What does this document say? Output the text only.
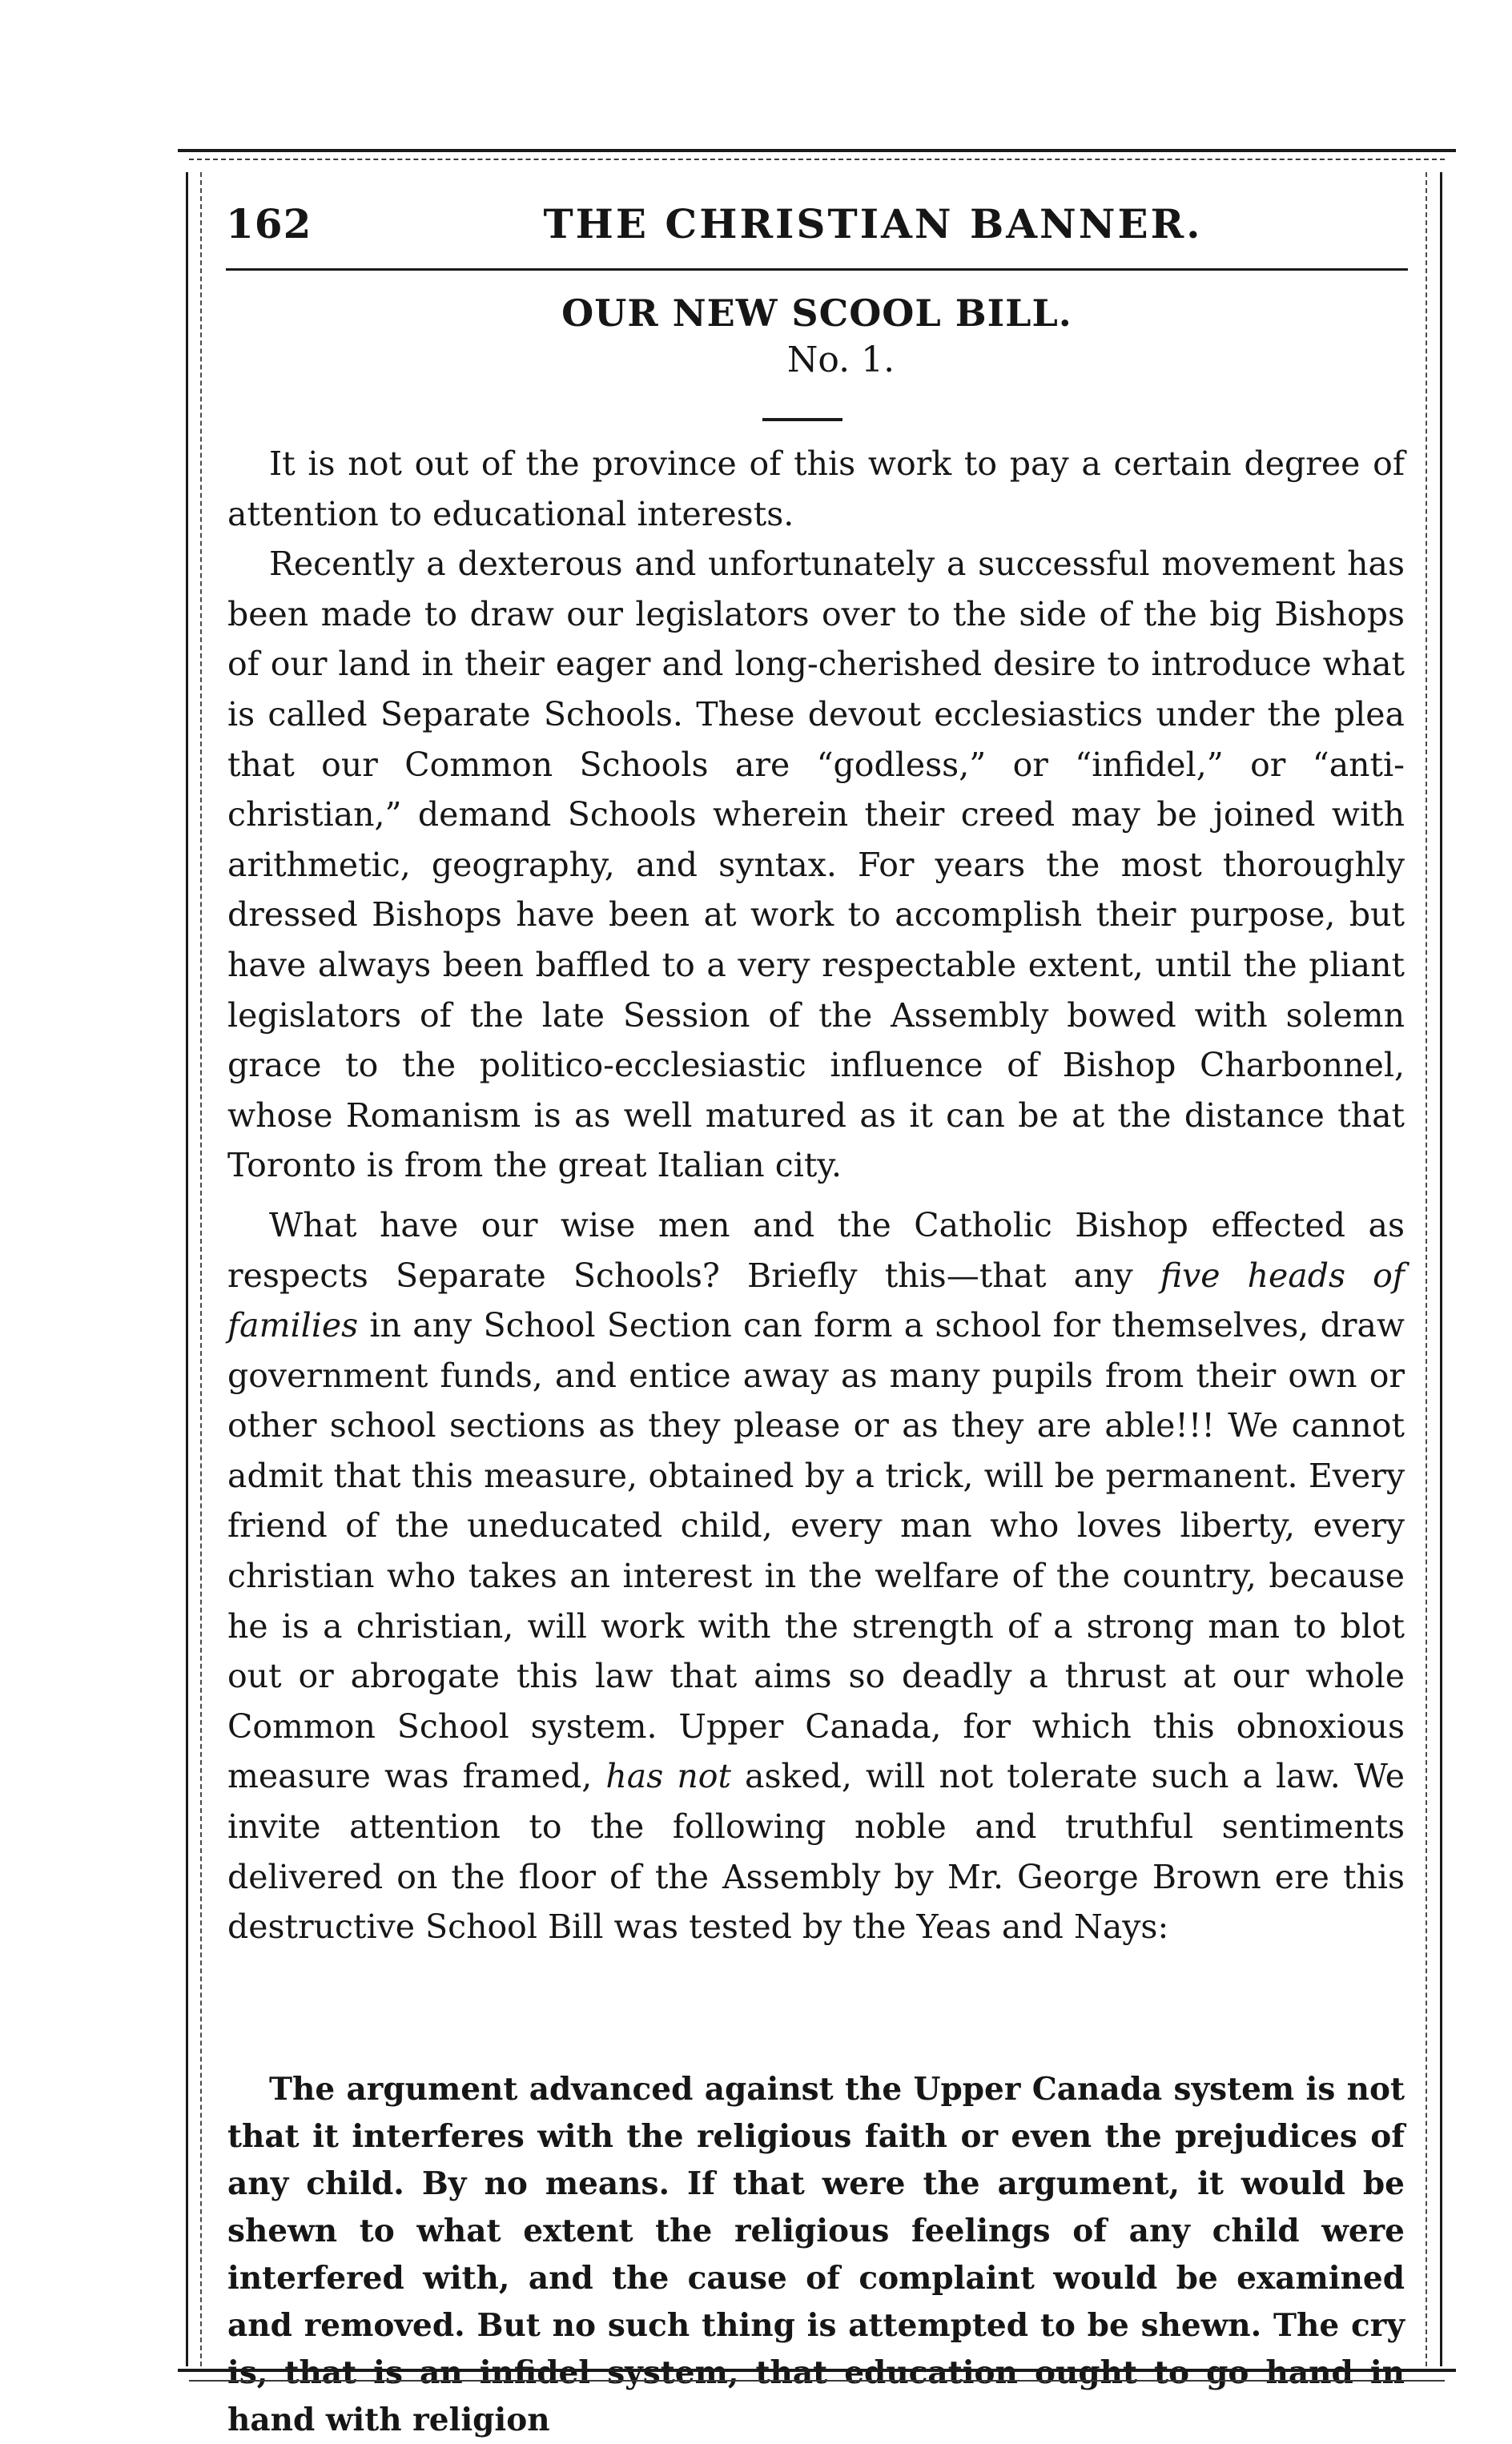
162	THE CHRISTIAN BANNER.
OUR NEW SCOOL BILL.
No. 1.

It is not out of the province of this work to pay a certain degree of attention to educational interests.

Recently a dexterous and unfortunately a successful movement has been made to draw our legislators over to the side of the big Bishops of our land in their eager and long-cherished desire to introduce what is called Separate Schools. These devout ecclesiastics under the plea that our Common Schools are “godless,” or “infidel,” or “anti-christian,” demand Schools wherein their creed may be joined with arithmetic, geography, and syntax. For years the most thoroughly dressed Bishops have been at work to accomplish their purpose, but have always been baffled to a very respectable extent, until the pliant legislators of the late Session of the Assembly bowed with solemn grace to the politico-ecclesiastic influence of Bishop Charbonnel, whose Romanism is as well matured as it can be at the distance that Toronto is from the great Italian city.

What have our wise men and the Catholic Bishop effected as respects Separate Schools? Briefly this—that any five heads of families in any School Section can form a school for themselves, draw government funds, and entice away as many pupils from their own or other school sections as they please or as they are able!!! We cannot admit that this measure, obtained by a trick, will be permanent. Every friend of the uneducated child, every man who loves liberty, every christian who takes an interest in the welfare of the country, because he is a christian, will work with the strength of a strong man to blot out or abrogate this law that aims so deadly a thrust at our whole Common School system. Upper Canada, for which this obnoxious measure was framed, has not asked, will not tolerate such a law. We invite attention to the following noble and truthful sentiments delivered on the floor of the Assembly by Mr. George Brown ere this destructive School Bill was tested by the Yeas and Nays:

The argument advanced against the Upper Canada system is not that it interferes with the religious faith or even the prejudices of any child. By no means. If that were the argument, it would be shewn to what extent the religious feelings of any child were interfered with, and the cause of complaint would be examined and removed. But no such thing is attempted to be shewn. The cry is, that is an infidel system, that education ought to go hand in hand with religion
